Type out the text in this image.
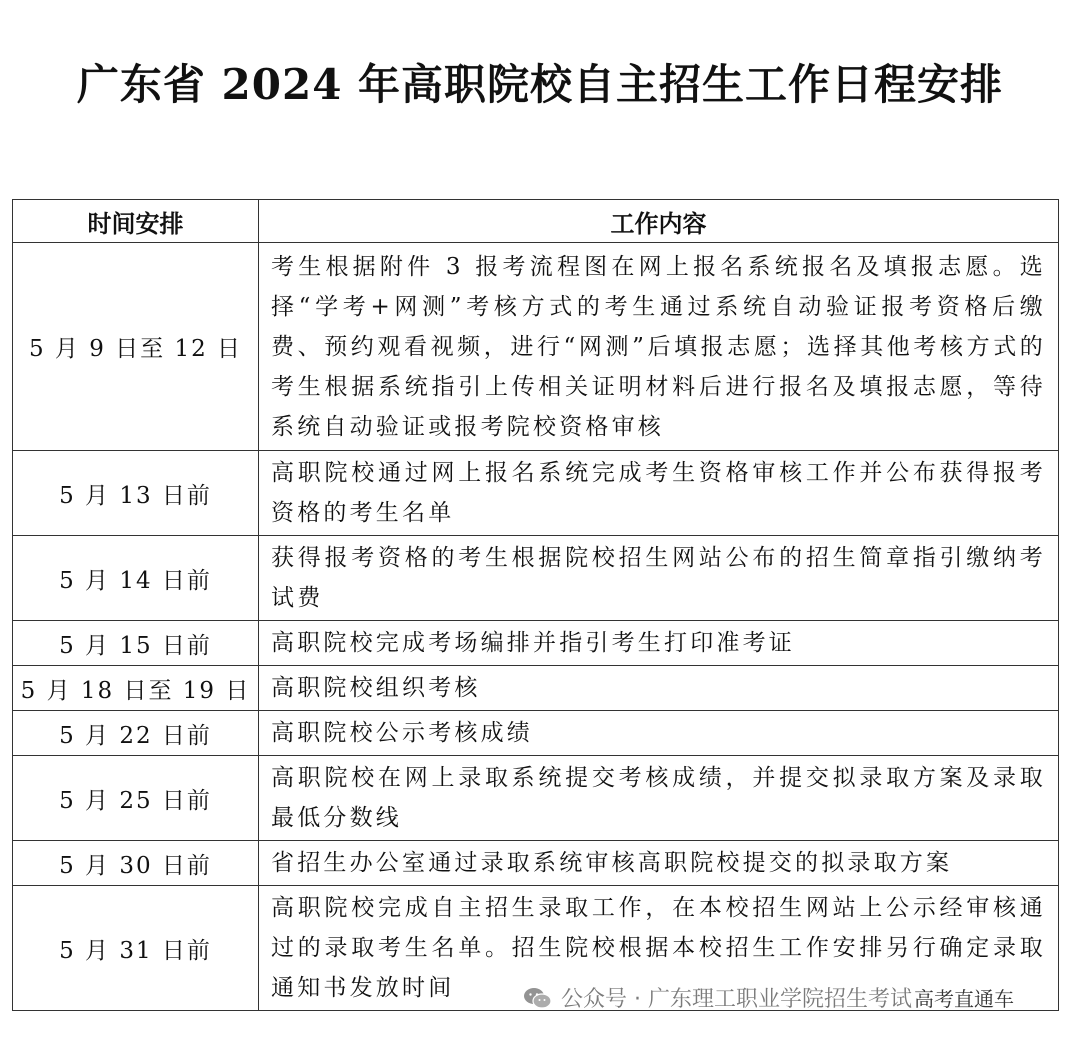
广东省 2024 年高职院校自主招生工作日程安排
时间安排	工作内容
5 月 9 日至 12 日	考生根据附件 3 报考流程图在网上报名系统报名及填报志愿。选择“学考+网测”考核方式的考生通过系统自动验证报考资格后缴费、预约观看视频，进行“网测”后填报志愿；选择其他考核方式的考生根据系统指引上传相关证明材料后进行报名及填报志愿，等待系统自动验证或报考院校资格审核
5 月 13 日前	高职院校通过网上报名系统完成考生资格审核工作并公布获得报考资格的考生名单
5 月 14 日前	获得报考资格的考生根据院校招生网站公布的招生简章指引缴纳考试费
5 月 15 日前	高职院校完成考场编排并指引考生打印准考证
5 月 18 日至 19 日	高职院校组织考核
5 月 22 日前	高职院校公示考核成绩
5 月 25 日前	高职院校在网上录取系统提交考核成绩，并提交拟录取方案及录取最低分数线
5 月 30 日前	省招生办公室通过录取系统审核高职院校提交的拟录取方案
5 月 31 日前	高职院校完成自主招生录取工作，在本校招生网站上公示经审核通过的录取考生名单。招生院校根据本校招生工作安排另行确定录取通知书发放时间	公众号 · 广东理工职业学院招生考试 高考直通车
